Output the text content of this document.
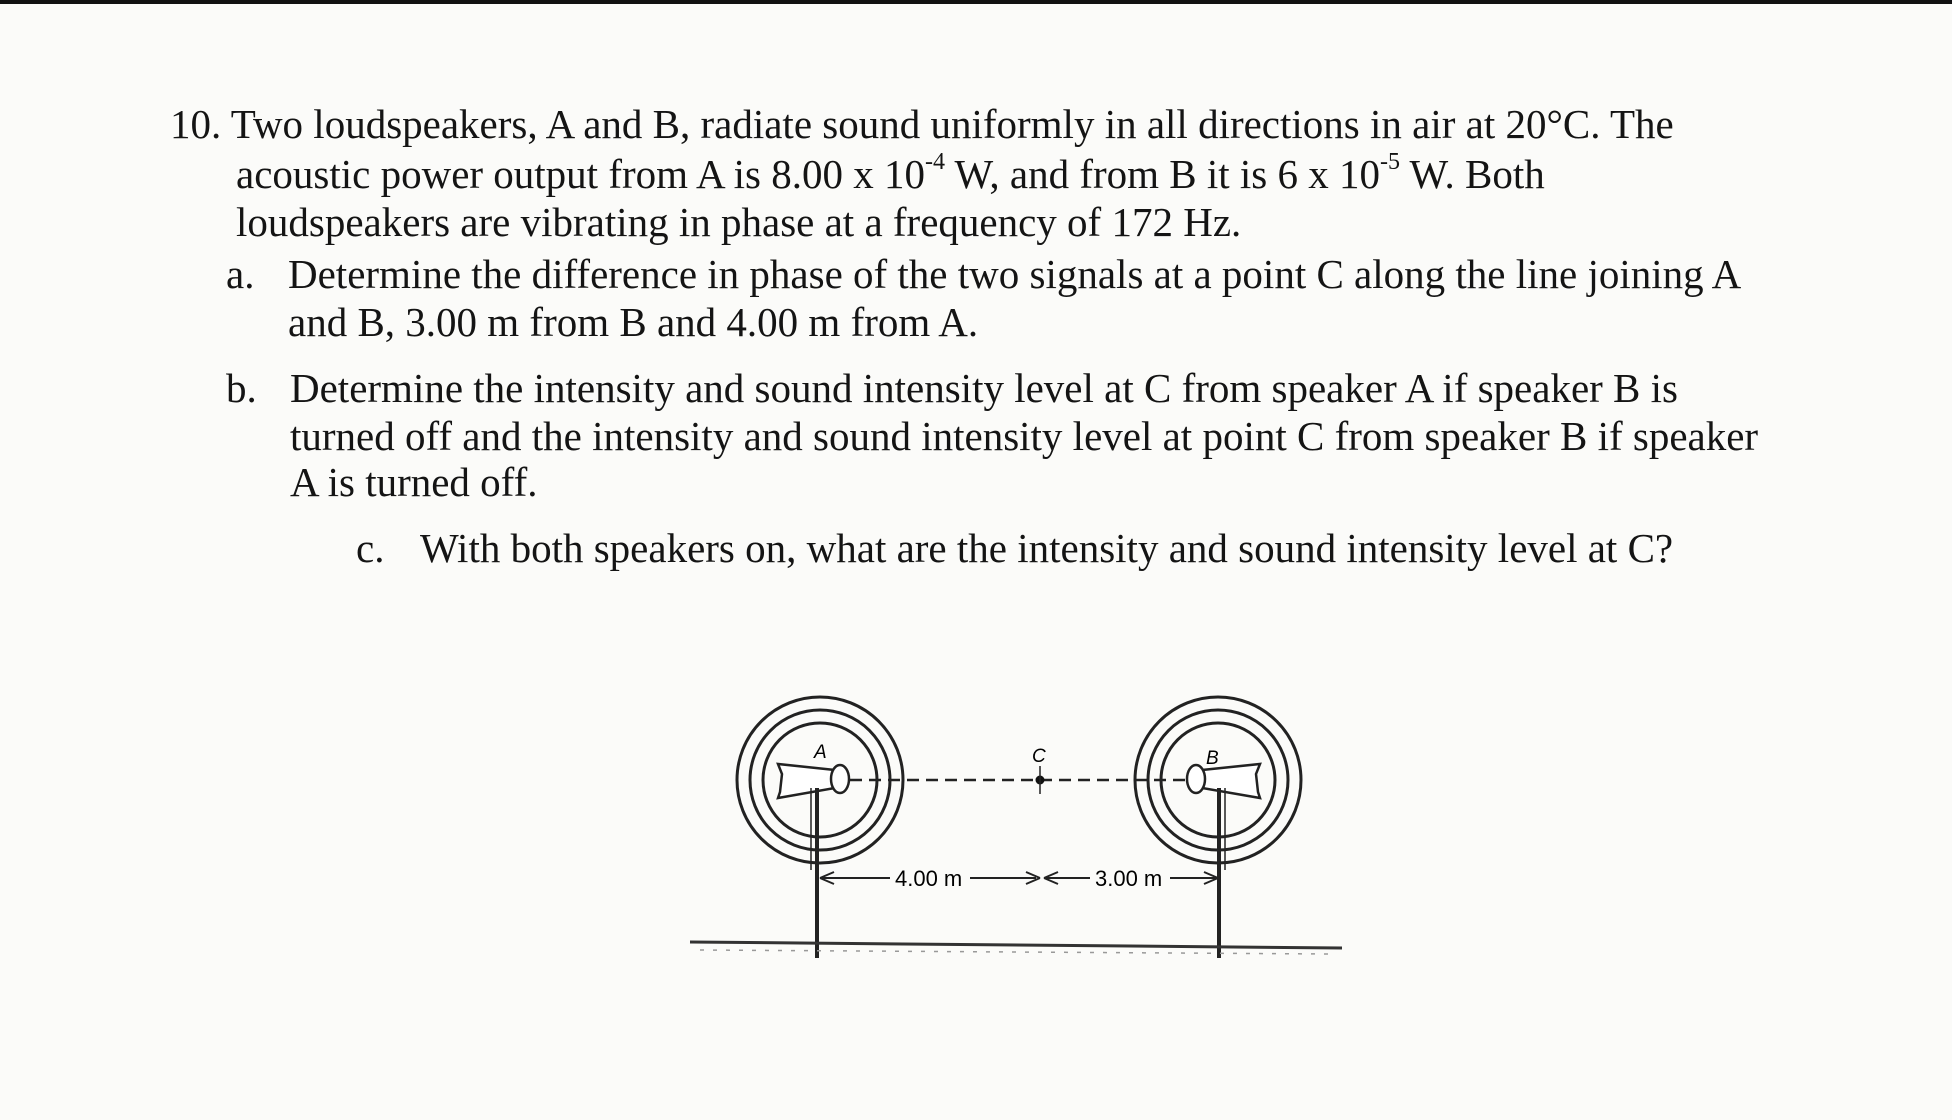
10. Two loudspeakers, A and B, radiate sound uniformly in all directions in air at 20°C. The
acoustic power output from A is 8.00 x $10^{-4}$ W, and from B it is 6 x $10^{-5}$ W. Both
loudspeakers are vibrating in phase at a frequency of 172 Hz.
a. Determine the difference in phase of the two signals at a point C along the line joining A
and B, 3.00 m from B and 4.00 m from A.
b. Determine the intensity and sound intensity level at C from speaker A if speaker B is
turned off and the intensity and sound intensity level at point C from speaker B if speaker
A is turned off.
c. With both speakers on, what are the intensity and sound intensity level at C?
A	B
C
4.00 m	3.00 m
